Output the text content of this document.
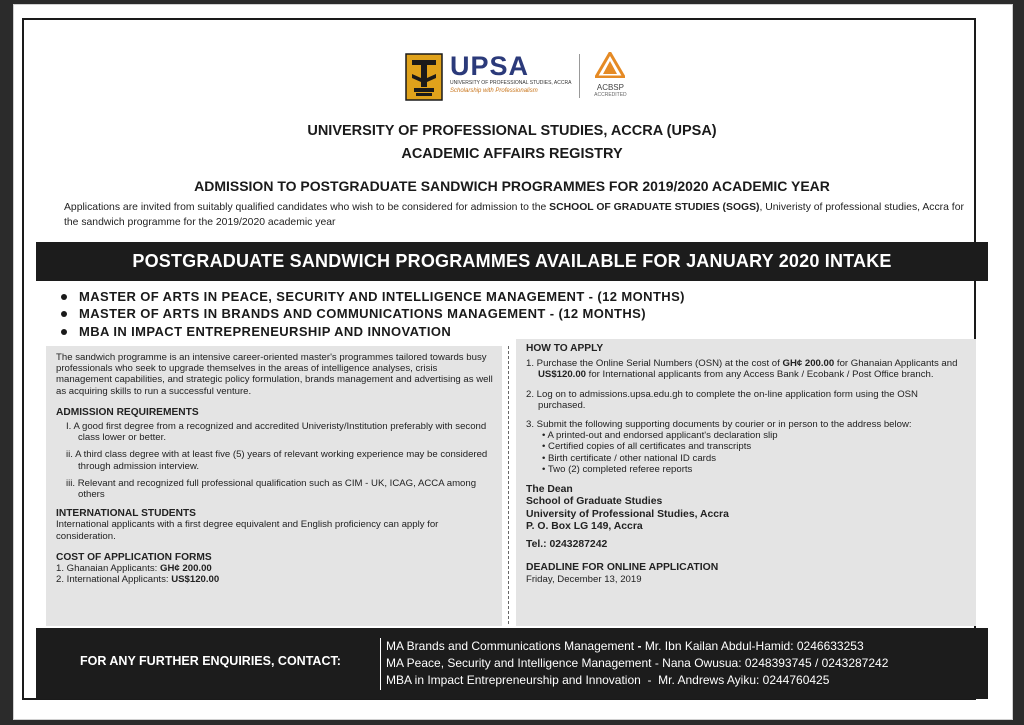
UPSA
UNIVERSITY OF PROFESSIONAL STUDIES, ACCRA
Scholarship with Professionalism	ACBSP
ACCREDITED
UNIVERSITY OF PROFESSIONAL STUDIES, ACCRA (UPSA)
ACADEMIC AFFAIRS REGISTRY
ADMISSION TO POSTGRADUATE SANDWICH PROGRAMMES FOR 2019/2020 ACADEMIC YEAR
Applications are invited from suitably qualified candidates who wish to be considered for admission to the SCHOOL OF GRADUATE STUDIES (SOGS), Univeristy of professional studies, Accra for the sandwich programme for the 2019/2020 academic year
POSTGRADUATE SANDWICH PROGRAMMES AVAILABLE FOR JANUARY 2020 INTAKE
MASTER OF ARTS IN PEACE, SECURITY AND INTELLIGENCE MANAGEMENT - (12 MONTHS)
MASTER OF ARTS IN BRANDS AND COMMUNICATIONS MANAGEMENT - (12 MONTHS)
MBA IN IMPACT ENTREPRENEURSHIP AND INNOVATION

The sandwich programme is an intensive career-oriented master's programmes tailored towards busy professionals who seek to upgrade themselves in the areas of intelligence analyses, crisis management capabilities, and strategic policy formulation, brands management and advertising as well as acquiring skills to run a successful venture.

ADMISSION REQUIREMENTS

I. A good first degree from a recognized and accredited Univeristy/Institution preferably with second class lower or better.
ii. A third class degree with at least five (5) years of relevant working experience may be considered through admission interview.
iii. Relevant and recognized full professional qualification such as CIM - UK, ICAG, ACCA among others

INTERNATIONAL STUDENTS

International applicants with a first degree equivalent and English proficiency can apply for consideration.

COST OF APPLICATION FORMS

1. Ghanaian Applicants: GH¢ 200.00

2. International Applicants: US$120.00

HOW TO APPLY

1. Purchase the Online Serial Numbers (OSN) at the cost of GH¢ 200.00 for Ghanaian Applicants and US$120.00 for International applicants from any Access Bank / Ecobank / Post Office branch.
2. Log on to admissions.upsa.edu.gh to complete the on-line application form using the OSN purchased.
3. Submit the following supporting documents by courier or in person to the address below:
• A printed-out and endorsed applicant's declaration slip
• Certified copies of all certificates and transcripts
• Birth certificate / other national ID cards
• Two (2) completed referee reports
The Dean
School of Graduate Studies
University of Professional Studies, Accra
P. O. Box LG 149, Accra
Tel.: 0243287242
DEADLINE FOR ONLINE APPLICATION
Friday, December 13, 2019
FOR ANY FURTHER ENQUIRIES, CONTACT:
MA Brands and Communications Management - Mr. Ibn Kailan Abdul-Hamid: 0246633253
MA Peace, Security and Intelligence Management - Nana Owusua: 0248393745 / 0243287242
MBA in Impact Entrepreneurship and Innovation  -  Mr. Andrews Ayiku: 0244760425
